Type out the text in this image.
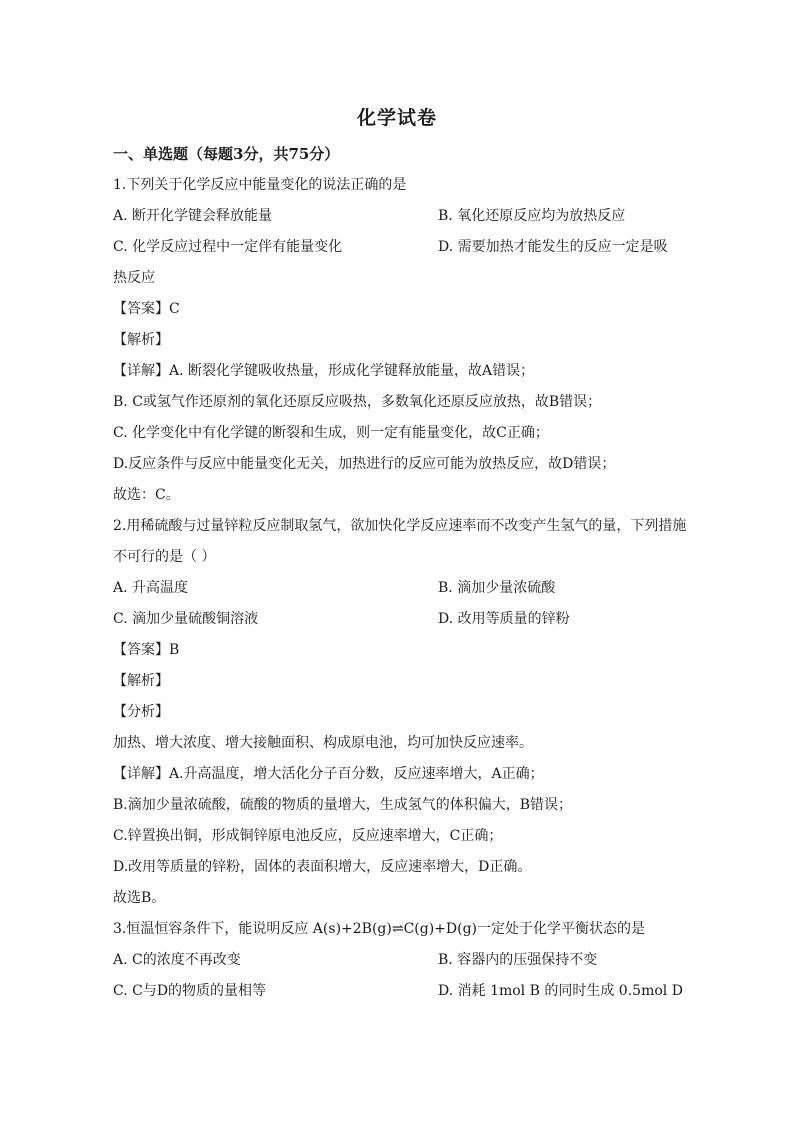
化学试卷
一、单选题（每题3分，共75分）
1.下列关于化学反应中能量变化的说法正确的是
A. 断开化学键会释放能量	B. 氧化还原反应均为放热反应
C. 化学反应过程中一定伴有能量变化	D. 需要加热才能发生的反应一定是吸
热反应
【答案】C
【解析】
【详解】A. 断裂化学键吸收热量，形成化学键释放能量，故A错误；
B. C或氢气作还原剂的氧化还原反应吸热，多数氧化还原反应放热，故B错误；
C. 化学变化中有化学键的断裂和生成，则一定有能量变化，故C正确；
D.反应条件与反应中能量变化无关，加热进行的反应可能为放热反应，故D错误；
故选：C。
2.用稀硫酸与过量锌粒反应制取氢气，欲加快化学反应速率而不改变产生氢气的量，下列措施
不可行的是（ ）
A. 升高温度	B. 滴加少量浓硫酸
C. 滴加少量硫酸铜溶液	D. 改用等质量的锌粉
【答案】B
【解析】
【分析】
加热、增大浓度、增大接触面积、构成原电池，均可加快反应速率。
【详解】A.升高温度，增大活化分子百分数，反应速率增大，A正确；
B.滴加少量浓硫酸，硫酸的物质的量增大，生成氢气的体积偏大，B错误；
C.锌置换出铜，形成铜锌原电池反应，反应速率增大，C正确；
D.改用等质量的锌粉，固体的表面积增大，反应速率增大，D正确。
故选B。
3.恒温恒容条件下，能说明反应 A(s)+2B(g)⇌C(g)+D(g)一定处于化学平衡状态的是
A. C的浓度不再改变	B. 容器内的压强保持不变
C. C与D的物质的量相等	D. 消耗 1mol B 的同时生成 0.5mol D
